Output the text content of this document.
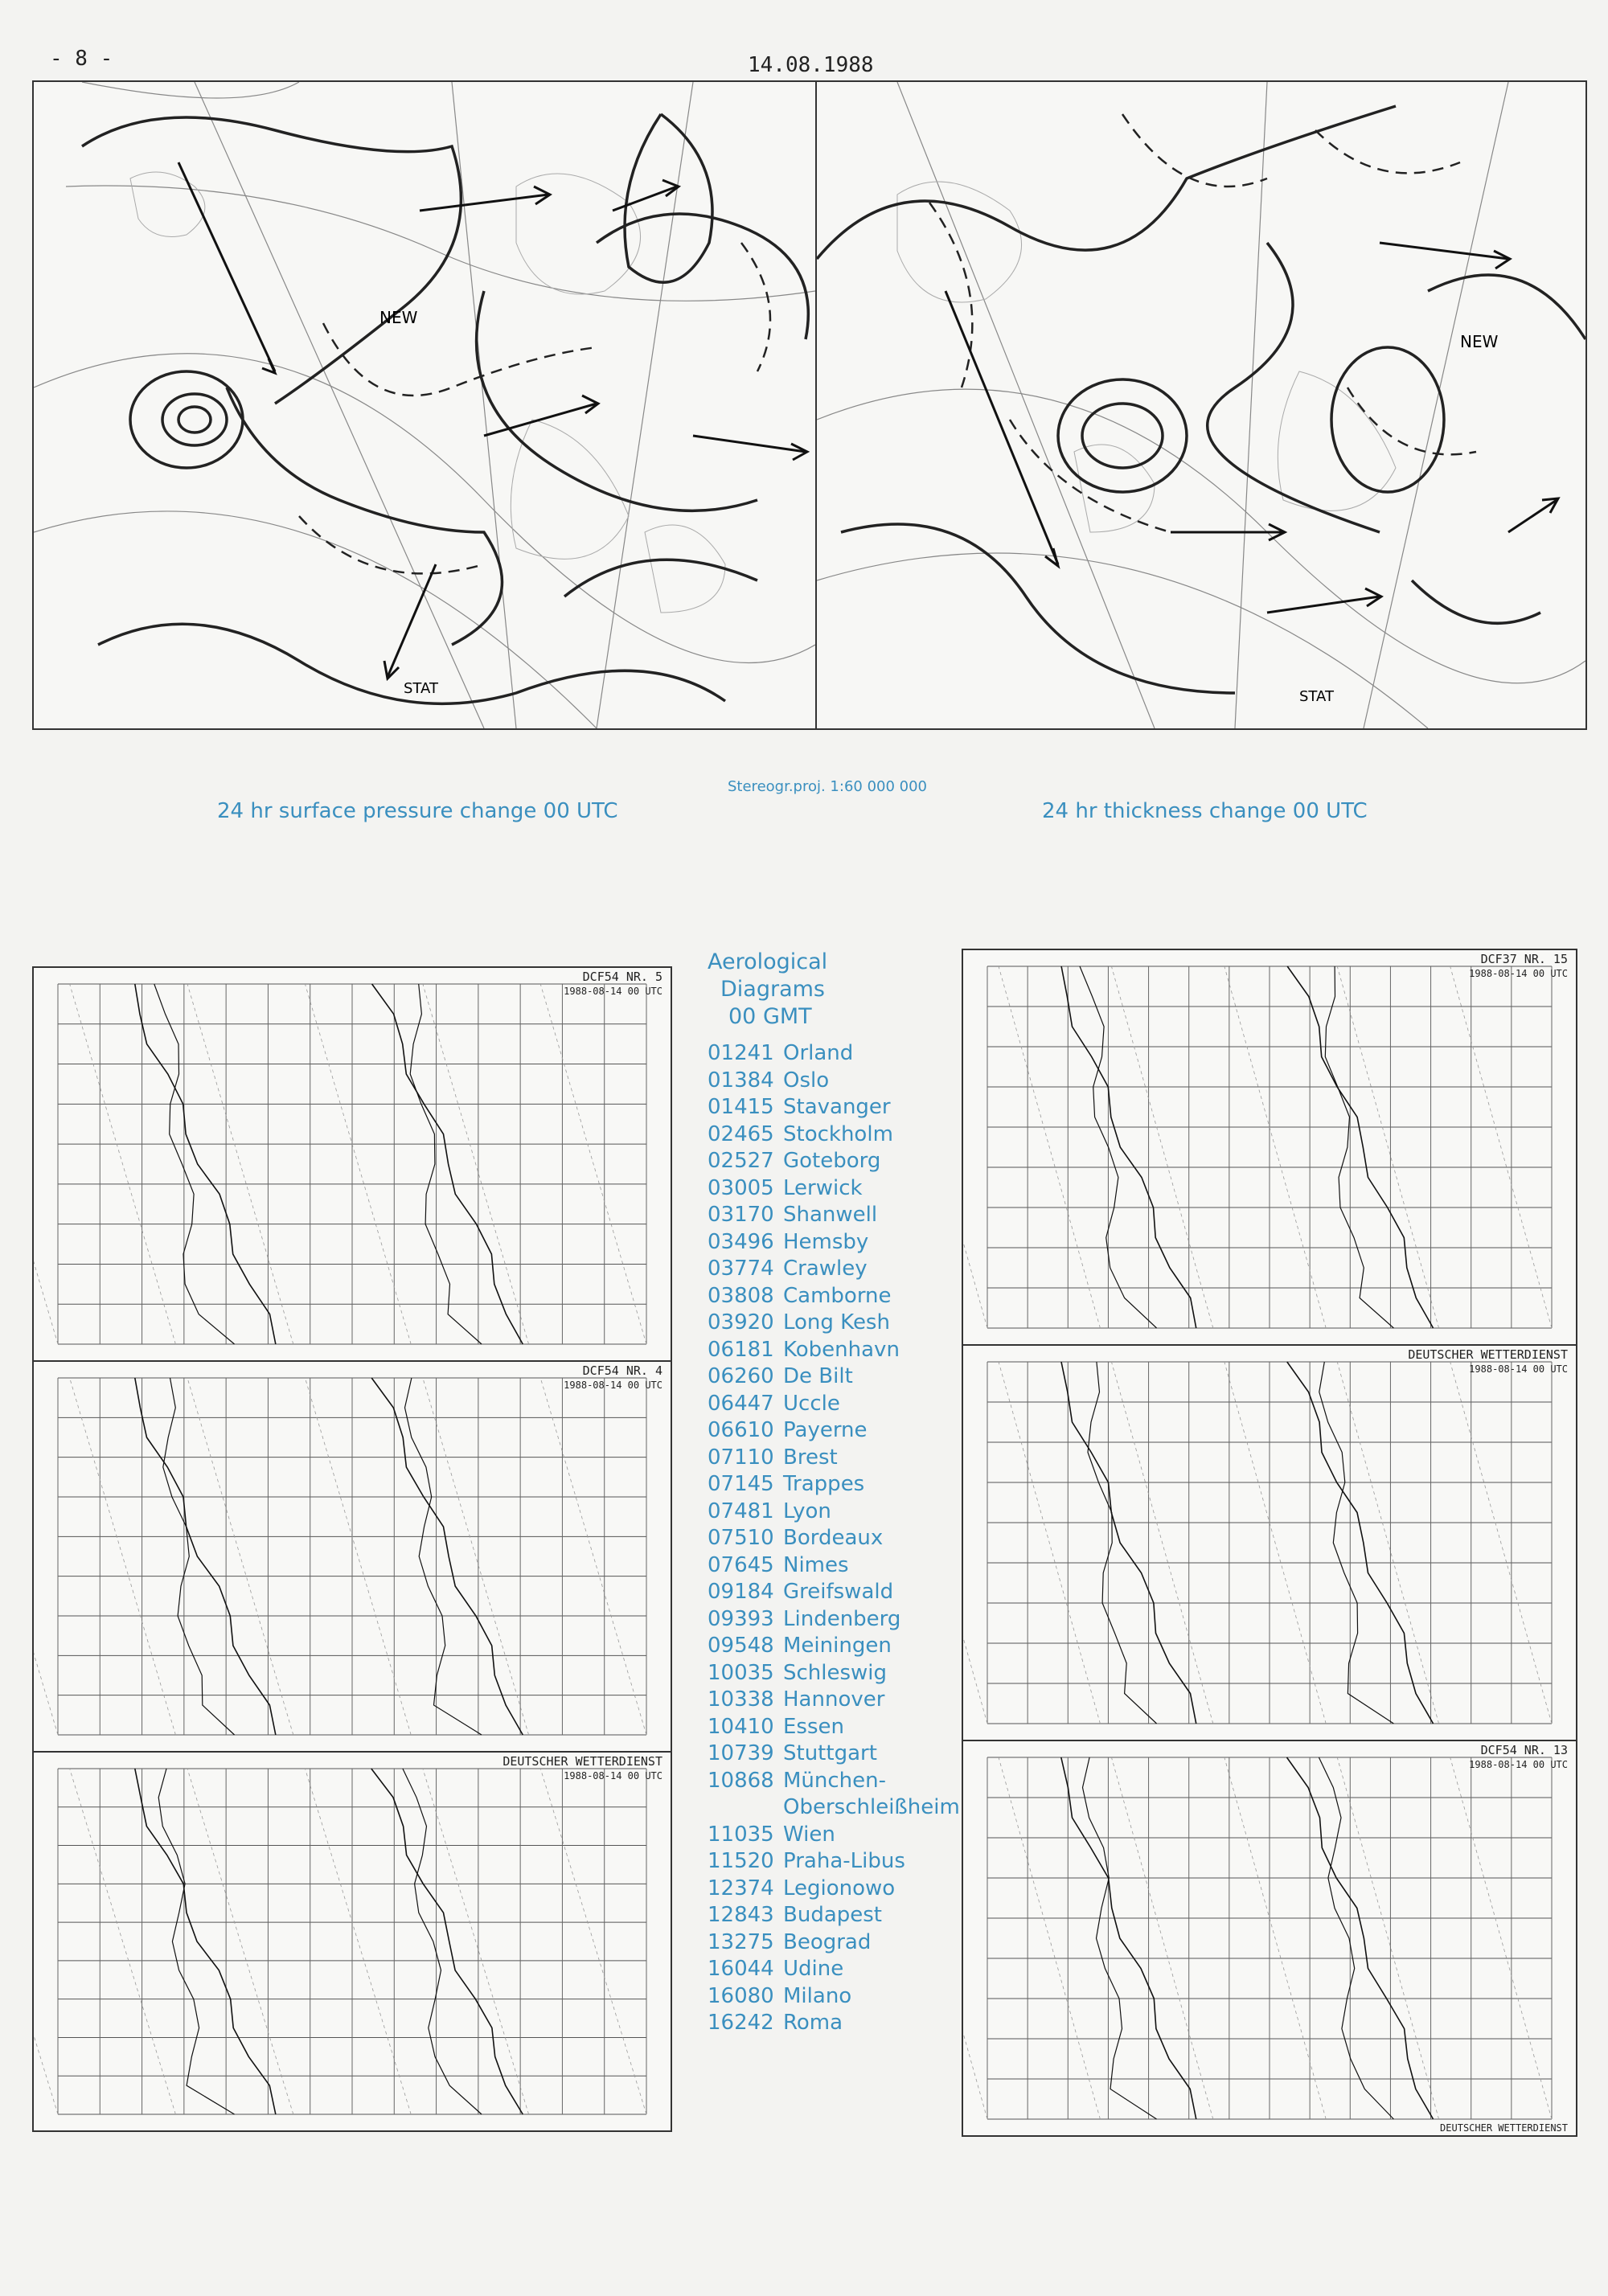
- 8 -	14.08.1988
NEW
STAT
NEW
STAT
Stereogr.proj. 1:60 000 000
24 hr surface pressure change 00 UTC	24 hr thickness change 00 UTC
DCF54 NR. 5
1988-08-14 00 UTC
DCF54 NR. 4
1988-08-14 00 UTC
DEUTSCHER WETTERDIENST
1988-08-14 00 UTC
DCF37 NR. 15
1988-08-14 00 UTC
DEUTSCHER WETTERDIENST
1988-08-14 00 UTC
DCF54 NR. 13
1988-08-14 00 UTC
DEUTSCHER WETTERDIENST
Aerological
Diagrams
00 GMT
01241 Orland
01384 Oslo
01415 Stavanger
02465 Stockholm
02527 Goteborg
03005 Lerwick
03170 Shanwell
03496 Hemsby
03774 Crawley
03808 Camborne
03920 Long Kesh
06181 Kobenhavn
06260 De Bilt
06447 Uccle
06610 Payerne
07110 Brest
07145 Trappes
07481 Lyon
07510 Bordeaux
07645 Nimes
09184 Greifswald
09393 Lindenberg
09548 Meiningen
10035 Schleswig
10338 Hannover
10410 Essen
10739 Stuttgart
10868 München-
Oberschleißheim
11035 Wien
11520 Praha-Libus
12374 Legionowo
12843 Budapest
13275 Beograd
16044 Udine
16080 Milano
16242 Roma
